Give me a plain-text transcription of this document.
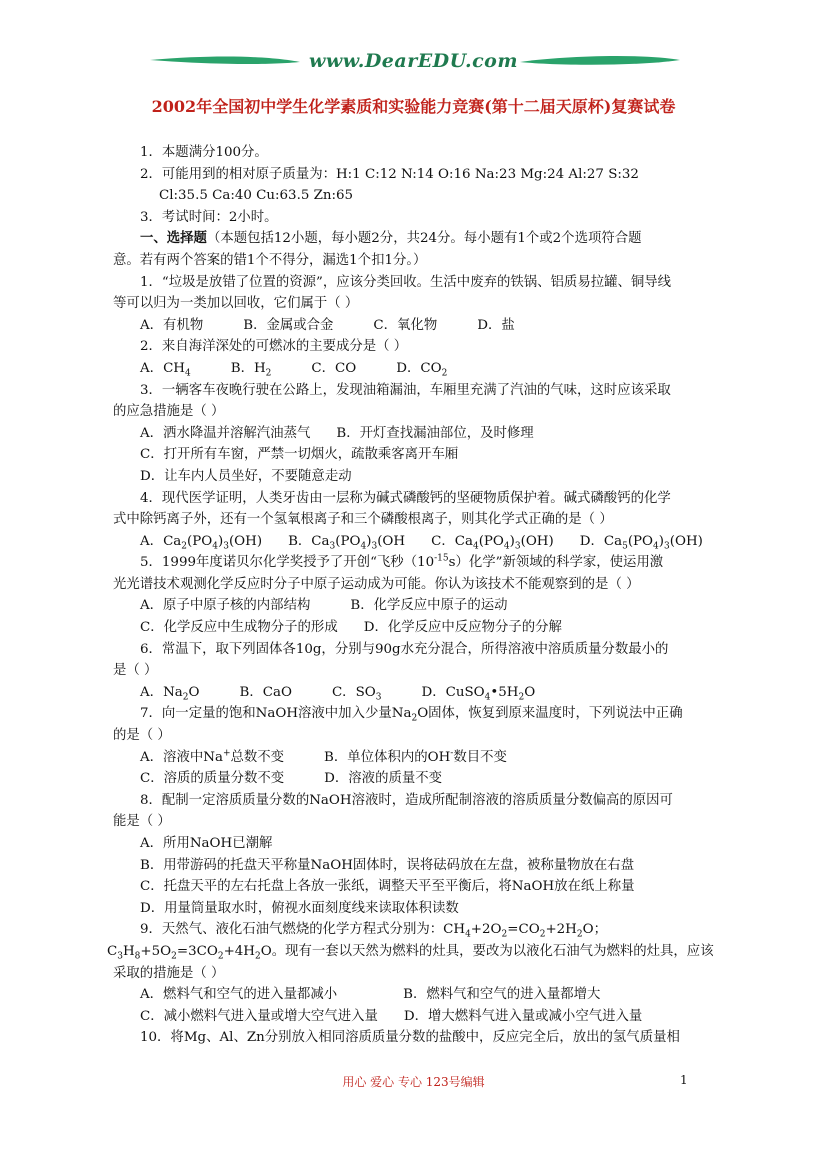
www.DearEDU.com
2002年全国初中学生化学素质和实验能力竞赛(第十二届天原杯)复赛试卷

1．本题满分100分。

2．可能用到的相对原子质量为：H:1 C:12 N:14 O:16 Na:23 Mg:24 Al:27 S:32

Cl:35.5 Ca:40 Cu:63.5 Zn:65

3．考试时间：2小时。

一、选择题（本题包括12小题，每小题2分，共24分。每小题有1个或2个选项符合题

意。若有两个答案的错1个不得分，漏选1个扣1分。）

1．“垃圾是放错了位置的资源”，应该分类回收。生活中废弃的铁锅、铝质易拉罐、铜导线

等可以归为一类加以回收，它们属于（ ）

A．有机物	B．金属或合金	C．氧化物	D．盐

2．来自海洋深处的可燃冰的主要成分是（ ）

A．$CH_4$	B．$H_2$	C．CO	D．$CO_2$

3．一辆客车夜晚行驶在公路上，发现油箱漏油，车厢里充满了汽油的气味，这时应该采取

的应急措施是（ ）

A．洒水降温并溶解汽油蒸气 B．开灯查找漏油部位，及时修理

C．打开所有车窗，严禁一切烟火，疏散乘客离开车厢

D．让车内人员坐好，不要随意走动

4．现代医学证明，人类牙齿由一层称为碱式磷酸钙的坚硬物质保护着。碱式磷酸钙的化学

式中除钙离子外，还有一个氢氧根离子和三个磷酸根离子，则其化学式正确的是（ ）

A．$Ca_2(PO_4)_3(OH)$ B．$Ca_3(PO_4)_3(OH$ C．$Ca_4(PO_4)_3(OH)$ D．$Ca_5(PO_4)_3(OH)$

5．1999年度诺贝尔化学奖授予了开创“飞秒$(10^{-15}s)$化学”新领域的科学家，使运用激

光光谱技术观测化学反应时分子中原子运动成为可能。你认为该技术不能观察到的是（ ）

A．原子中原子核的内部结构	B．化学反应中原子的运动

C．化学反应中生成物分子的形成 D．化学反应中反应物分子的分解

6．常温下，取下列固体各10g，分别与90g水充分混合，所得溶液中溶质质量分数最小的

是（ ）

A．$Na_2O$	B．CaO	C．$SO_3$	D．$CuSO_4•5H_2O$

7．向一定量的饱和NaOH溶液中加入少量$Na_2O$固体，恢复到原来温度时，下列说法中正确

的是（ ）

A．溶液中Na+总数不变	B．单位体积内的OH-数目不变

C．溶质的质量分数不变	D．溶液的质量不变

8．配制一定溶质质量分数的NaOH溶液时，造成所配制溶液的溶质质量分数偏高的原因可

能是（ ）

A．所用NaOH已潮解

B．用带游码的托盘天平称量NaOH固体时，误将砝码放在左盘，被称量物放在右盘

C．托盘天平的左右托盘上各放一张纸，调整天平至平衡后，将NaOH放在纸上称量

D．用量筒量取水时，俯视水面刻度线来读取体积读数

9．天然气、液化石油气燃烧的化学方程式分别为：$CH_4+2O_2=CO_2+2H_2O$；

$C_3H_8+5O_2=3CO_2+4H_2O$。现有一套以天然为燃料的灶具，要改为以液化石油气为燃料的灶具，应该

采取的措施是（ ）

A．燃料气和空气的进入量都减小	B．燃料气和空气的进入量都增大

C．减小燃料气进入量或增大空气进入量 D．增大燃料气进入量或减小空气进入量

10．将Mg、Al、Zn分别放入相同溶质质量分数的盐酸中，反应完全后，放出的氢气质量相

用心 爱心 专心 123号编辑	1
